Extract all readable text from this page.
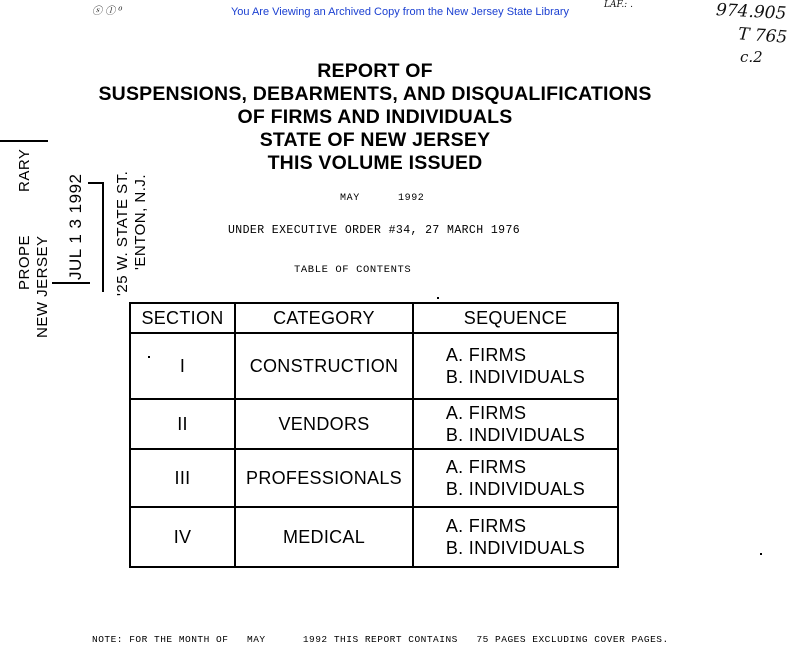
You Are Viewing an Archived Copy from the New Jersey State Library
ⓢ ⓛ ⁰
LAF.: .	974.905
T 765
c.2
REPORT OF
SUSPENSIONS, DEBARMENTS, AND DISQUALIFICATIONS
OF FIRMS AND INDIVIDUALS
STATE OF NEW JERSEY
THIS VOLUME ISSUED
MAY	1992
UNDER EXECUTIVE ORDER #34, 27 MARCH 1976
TABLE OF CONTENTS
PROPE
RARY
NEW JERSEY
JUL 1 3 1992 '25 W. STATE ST. 'ENTON, N.J.
SECTION	CATEGORY	SEQUENCE
I	CONSTRUCTION	A. FIRMS
B. INDIVIDUALS
II	VENDORS	A. FIRMS
B. INDIVIDUALS
III	PROFESSIONALS	A. FIRMS
B. INDIVIDUALS
IV	MEDICAL	A. FIRMS
B. INDIVIDUALS
NOTE: FOR THE MONTH OF   MAY      1992 THIS REPORT CONTAINS   75 PAGES EXCLUDING COVER PAGES.
